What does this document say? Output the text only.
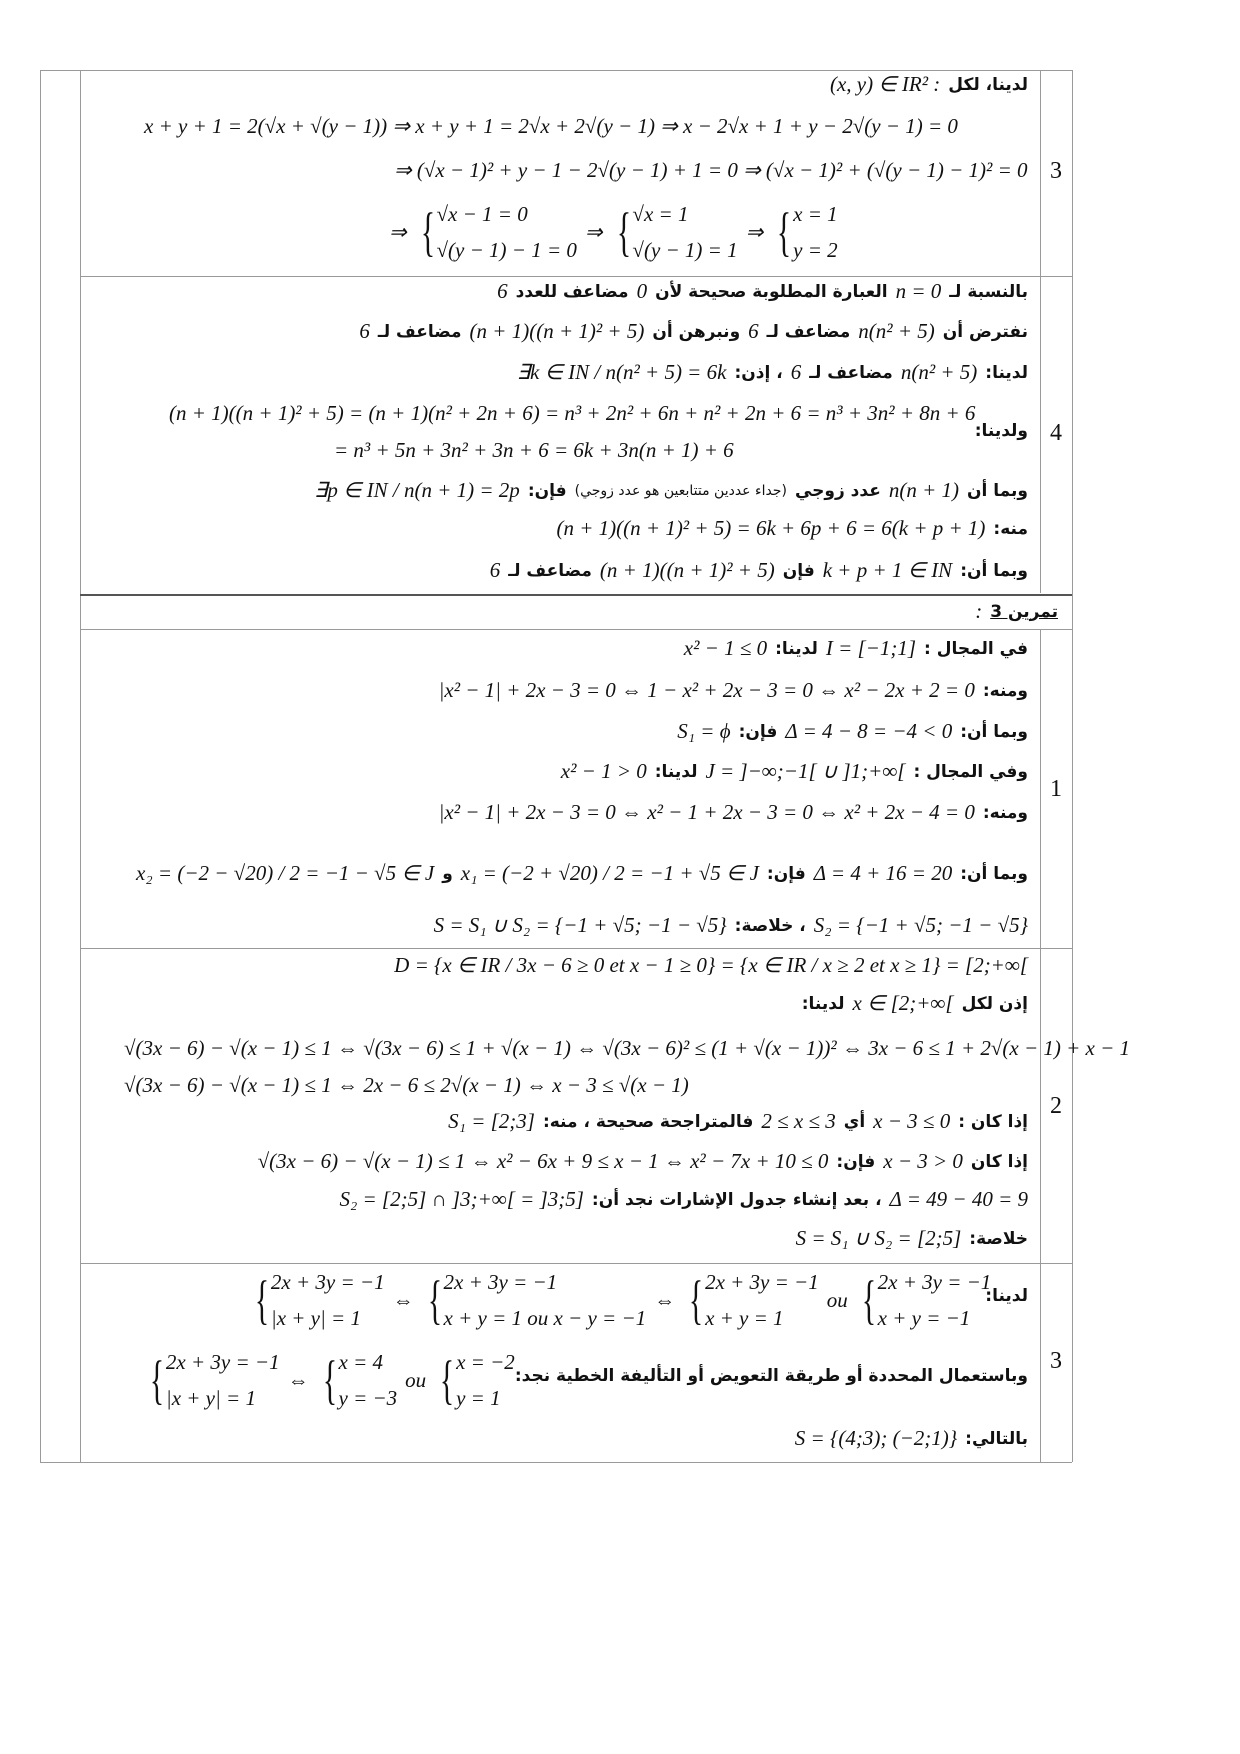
3
لدينا، لكل
(x, y) ∈ IR² :
x + y + 1 = 2(√x + √(y − 1)) ⇒ x + y + 1 = 2√x + 2√(y − 1) ⇒ x − 2√x + 1 + y − 2√(y − 1) = 0
⇒ (√x − 1)² + y − 1 − 2√(y − 1) + 1 = 0 ⇒ (√x − 1)² + (√(y − 1) − 1)² = 0
⇒ { √x − 1 = 0
√(y − 1) − 1 = 0
⇒ { √x = 1
√(y − 1) = 1
⇒ { x = 1
y = 2
4
بالنسبة لـ
n = 0
العبارة المطلوبة صحيحة لأن
0
مضاعف للعدد
6
نفترض أن
n(n² + 5)
مضاعف لـ
6
ونبرهن أن
(n + 1)((n + 1)² + 5)
مضاعف لـ
6
لدينا:
n(n² + 5)
مضاعف لـ
6
، إذن:
∃k ∈ IN / n(n² + 5) = 6k
ولدينا:
(n + 1)((n + 1)² + 5) = (n + 1)(n² + 2n + 6) = n³ + 2n² + 6n + n² + 2n + 6 = n³ + 3n² + 8n + 6
= n³ + 5n + 3n² + 3n + 6 = 6k + 3n(n + 1) + 6
وبما أن
n(n + 1)
عدد زوجي
(جداء عددين متتابعين هو عدد زوجي)
فإن:
∃p ∈ IN / n(n + 1) = 2p
منه:
(n + 1)((n + 1)² + 5) = 6k + 6p + 6 = 6(k + p + 1)
وبما أن:
k + p + 1 ∈ IN
فإن
(n + 1)((n + 1)² + 5)
مضاعف لـ
6
تمرين 3
:
1
في المجال :
I = [−1;1]
لدينا:
x² − 1 ≤ 0
ومنه:
|x² − 1| + 2x − 3 = 0 ⇔ 1 − x² + 2x − 3 = 0 ⇔ x² − 2x + 2 = 0
وبما أن:
Δ = 4 − 8 = −4 < 0
فإن:
S₁ = ϕ
وفي المجال :
J = ]−∞;−1[ ∪ ]1;+∞[
لدينا:
x² − 1 > 0
ومنه:
|x² − 1| + 2x − 3 = 0 ⇔ x² − 1 + 2x − 3 = 0 ⇔ x² + 2x − 4 = 0
وبما أن:
Δ = 4 + 16 = 20
فإن:
x₁ = (−2 + √20) / 2 = −1 + √5 ∈ J
و
x₂ = (−2 − √20) / 2 = −1 − √5 ∈ J
S₂ = {−1 + √5; −1 − √5}
، خلاصة:
S = S₁ ∪ S₂ = {−1 + √5; −1 − √5}
2
D = {x ∈ IR / 3x − 6 ≥ 0 et x − 1 ≥ 0} = {x ∈ IR / x ≥ 2 et x ≥ 1} = [2;+∞[
إذن لكل
x ∈ [2;+∞[
لدينا:
√(3x − 6) − √(x − 1) ≤ 1 ⇔ √(3x − 6) ≤ 1 + √(x − 1) ⇔ √(3x − 6)² ≤ (1 + √(x − 1))² ⇔ 3x − 6 ≤ 1 + 2√(x − 1) + x − 1
√(3x − 6) − √(x − 1) ≤ 1 ⇔ 2x − 6 ≤ 2√(x − 1) ⇔ x − 3 ≤ √(x − 1)
إذا كان :
x − 3 ≤ 0
أي
2 ≤ x ≤ 3
فالمتراجحة صحيحة ، منه:
S₁ = [2;3]
إذا كان
x − 3 > 0
فإن:
√(3x − 6) − √(x − 1) ≤ 1 ⇔ x² − 6x + 9 ≤ x − 1 ⇔ x² − 7x + 10 ≤ 0
Δ = 49 − 40 = 9
، بعد إنشاء جدول الإشارات نجد أن:
S₂ = [2;5] ∩ ]3;+∞[ = ]3;5]
خلاصة:
S = S₁ ∪ S₂ = [2;5]
3
لدينا:
{ 2x + 3y = −1
|x + y| = 1
⇔ { 2x + 3y = −1
x + y = 1 ou x − y = −1
⇔ { 2x + 3y = −1
x + y = 1
ou { 2x + 3y = −1
x + y = −1
وباستعمال المحددة أو طريقة التعويض أو التأليفة الخطية نجد:
{ 2x + 3y = −1
|x + y| = 1
⇔ { x = 4
y = −3
ou { x = −2
y = 1
بالتالي:
S = {(4;3); (−2;1)}
